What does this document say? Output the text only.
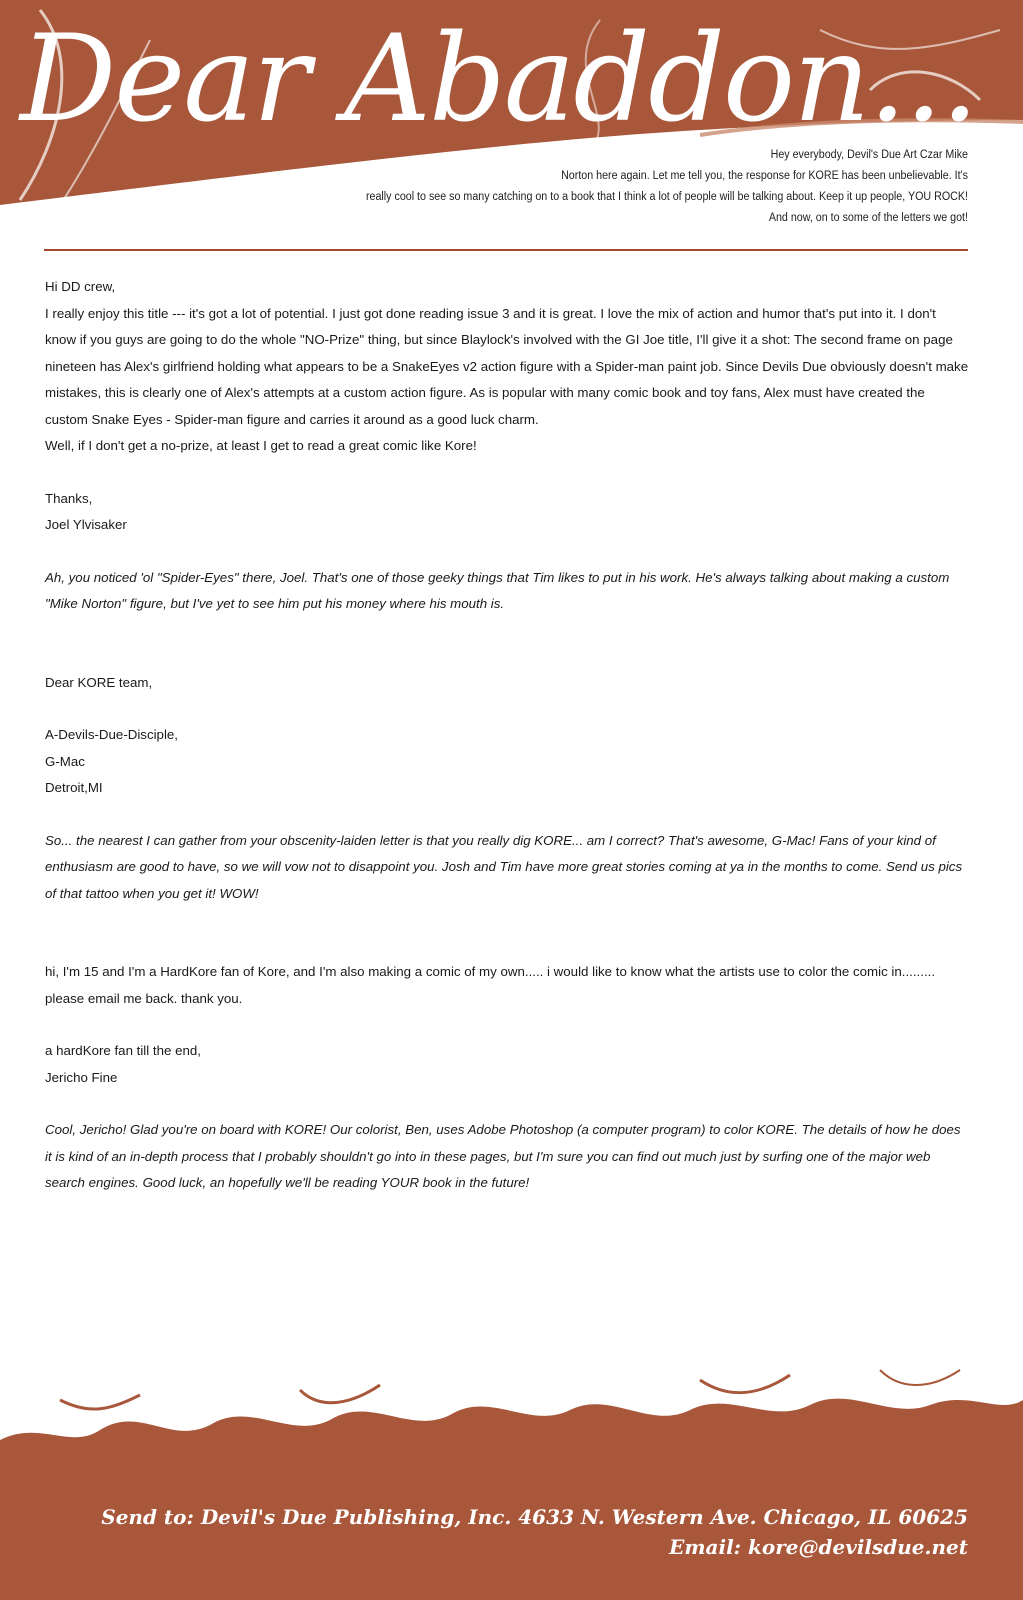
Dear Abaddon...
Hey everybody, Devil's Due Art Czar Mike
Norton here again. Let me tell you, the response for KORE has been unbelievable. It's
really cool to see so many catching on to a book that I think a lot of people will be talking about. Keep it up people, YOU ROCK!
And now, on to some of the letters we got!

Hi DD crew,

I really enjoy this title --- it's got a lot of potential. I just got done reading issue 3 and it is great. I love the mix of action and humor that's put into it. I don't know if you guys are going to do the whole "NO-Prize" thing, but since Blaylock's involved with the GI Joe title, I'll give it a shot: The second frame on page nineteen has Alex's girlfriend holding what appears to be a SnakeEyes v2 action figure with a Spider-man paint job. Since Devils Due obviously doesn't make mistakes, this is clearly one of Alex's attempts at a custom action figure. As is popular with many comic book and toy fans, Alex must have created the custom Snake Eyes - Spider-man figure and carries it around as a good luck charm.

Well, if I don't get a no-prize, at least I get to read a great comic like Kore!

Thanks,

Joel Ylvisaker

Ah, you noticed 'ol "Spider-Eyes" there, Joel. That's one of those geeky things that Tim likes to put in his work. He's always talking about making a custom "Mike Norton" figure, but I've yet to see him put his money where his mouth is.

Dear KORE team,

A-Devils-Due-Disciple,

G-Mac

Detroit,MI

So... the nearest I can gather from your obscenity-laiden letter is that you really dig KORE... am I correct? That's awesome, G-Mac! Fans of your kind of enthusiasm are good to have, so we will vow not to disappoint you. Josh and Tim have more great stories coming at ya in the months to come. Send us pics of that tattoo when you get it! WOW!

hi, I'm 15 and I'm a HardKore fan of Kore, and I'm also making a comic of my own..... i would like to know what the artists use to color the comic in......... please email me back. thank you.

a hardKore fan till the end,

Jericho Fine

Cool, Jericho! Glad you're on board with KORE! Our colorist, Ben, uses Adobe Photoshop (a computer program) to color KORE. The details of how he does it is kind of an in-depth process that I probably shouldn't go into in these pages, but I'm sure you can find out much just by surfing one of the major web search engines. Good luck, an hopefully we'll be reading YOUR book in the future!

Send to: Devil's Due Publishing, Inc. 4633 N. Western Ave. Chicago, IL 60625
Email: kore@devilsdue.net
